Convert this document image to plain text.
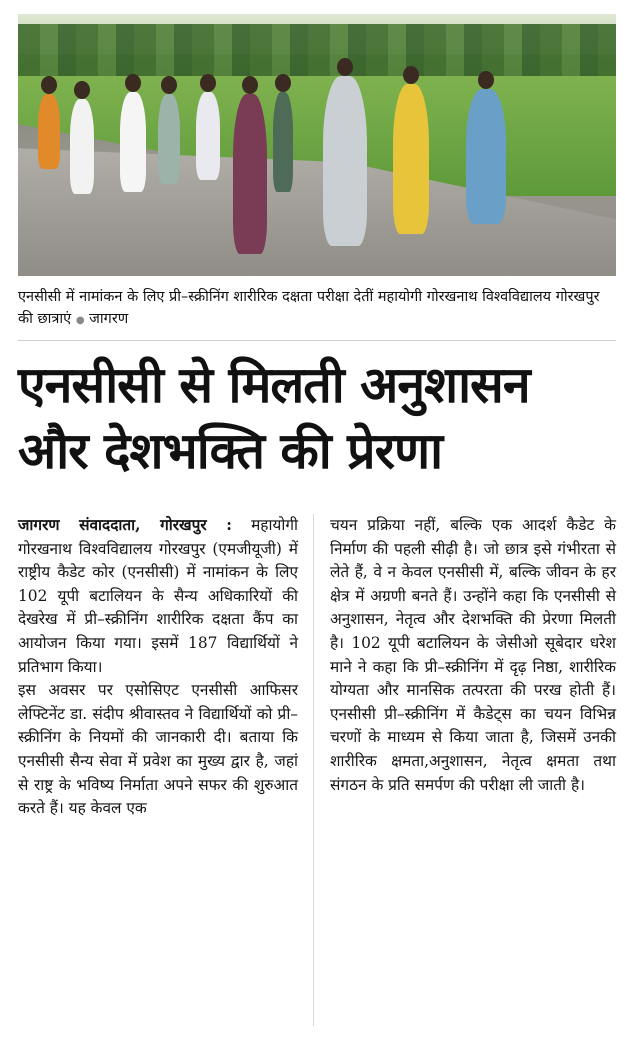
एनसीसी में नामांकन के लिए प्री–स्क्रीनिंग शारीरिक दक्षता परीक्षा देतीं महायोगी गोरखनाथ विश्वविद्यालय गोरखपुर की छात्राएं ● जागरण
एनसीसी से मिलती अनुशासन
और देशभक्ति की प्रेरणा

जागरण संवाददाता, गोरखपुर : महायोगी गोरखनाथ विश्वविद्यालय गोरखपुर (एमजीयूजी) में राष्ट्रीय कैडेट कोर (एनसीसी) में नामांकन के लिए 102 यूपी बटालियन के सैन्य अधिकारियों की देखरेख में प्री–स्क्रीनिंग शारीरिक दक्षता कैंप का आयोजन किया गया। इसमें 187 विद्यार्थियों ने प्रतिभाग किया।

इस अवसर पर एसोसिएट एनसीसी आफिसर लेफ्टिनेंट डा. संदीप श्रीवास्तव ने विद्यार्थियों को प्री–स्क्रीनिंग के नियमों की जानकारी दी। बताया कि एनसीसी सैन्य सेवा में प्रवेश का मुख्य द्वार है, जहां से राष्ट्र के भविष्य निर्माता अपने सफर की शुरुआत करते हैं। यह केवल एक

चयन प्रक्रिया नहीं, बल्कि एक आदर्श कैडेट के निर्माण की पहली सीढ़ी है। जो छात्र इसे गंभीरता से लेते हैं, वे न केवल एनसीसी में, बल्कि जीवन के हर क्षेत्र में अग्रणी बनते हैं। उन्होंने कहा कि एनसीसी से अनुशासन, नेतृत्व और देशभक्ति की प्रेरणा मिलती है। 102 यूपी बटालियन के जेसीओ सूबेदार धरेश माने ने कहा कि प्री–स्क्रीनिंग में दृढ़ निष्ठा, शारीरिक योग्यता और मानसिक तत्परता की परख होती हैं। एनसीसी प्री–स्क्रीनिंग में कैडेट्स का चयन विभिन्न चरणों के माध्यम से किया जाता है, जिसमें उनकी शारीरिक क्षमता,अनुशासन, नेतृत्व क्षमता तथा संगठन के प्रति समर्पण की परीक्षा ली जाती है।
